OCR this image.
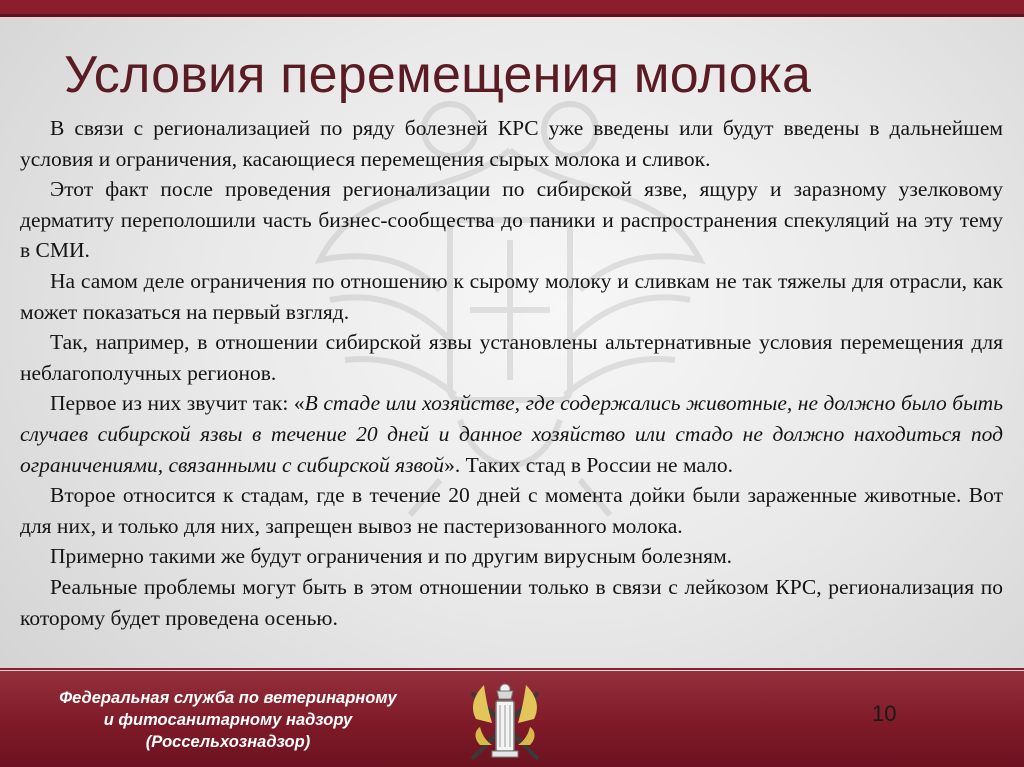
Условия перемещения молока

В связи с регионализацией по ряду болезней КРС уже введены или будут введены в дальнейшем условия и ограничения, касающиеся перемещения сырых молока и сливок.

Этот факт после проведения регионализации по сибирской язве, ящуру и заразному узелковому дерматиту переполошили часть бизнес-сообщества до паники и распространения спекуляций на эту тему в СМИ.

На самом деле ограничения по отношению к сырому молоку и сливкам не так тяжелы для отрасли, как может показаться на первый взгляд.

Так, например, в отношении сибирской язвы установлены альтернативные условия перемещения для неблагополучных регионов.

Первое из них звучит так: «В стаде или хозяйстве, где содержались животные, не должно было быть случаев сибирской язвы в течение 20 дней и данное хозяйство или стадо не должно находиться под ограничениями, связанными с сибирской язвой». Таких стад в России не мало.

Второе относится к стадам, где в течение 20 дней с момента дойки были зараженные животные. Вот для них, и только для них, запрещен вывоз не пастеризованного молока.

Примерно такими же будут ограничения и по другим вирусным болезням.

Реальные проблемы могут быть в этом отношении только в связи с лейкозом КРС, регионализация по которому будет проведена осенью.

Федеральная служба по ветеринарному
и фитосанитарному надзору
(Россельхознадзор)
10
